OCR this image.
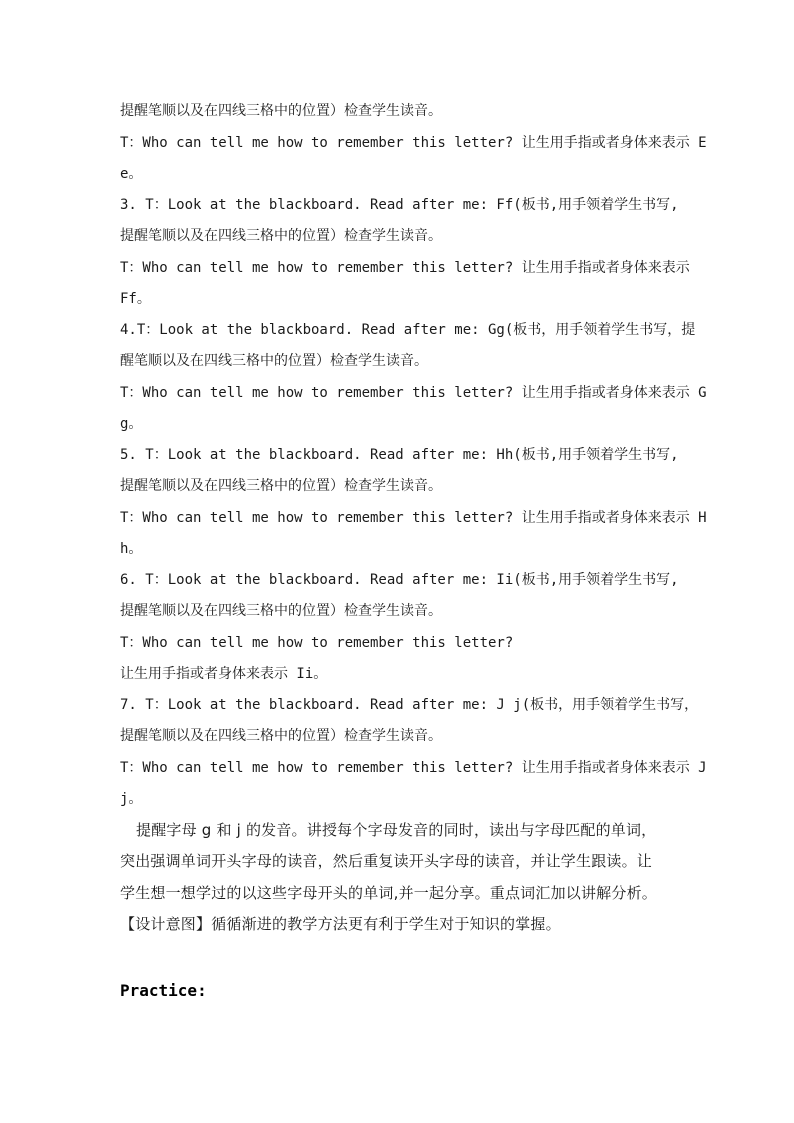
提醒笔顺以及在四线三格中的位置）检查学生读音。
T：Who can tell me how to remember this letter? 让生用手指或者身体来表示 E
e。
3. T：Look at the blackboard. Read after me: Ff(板书,用手领着学生书写,
提醒笔顺以及在四线三格中的位置）检查学生读音。
T：Who can tell me how to remember this letter? 让生用手指或者身体来表示
Ff。
4.T：Look at the blackboard. Read after me: Gg(板书，用手领着学生书写，提
醒笔顺以及在四线三格中的位置）检查学生读音。
T：Who can tell me how to remember this letter? 让生用手指或者身体来表示 G
g。
5. T：Look at the blackboard. Read after me: Hh(板书,用手领着学生书写,
提醒笔顺以及在四线三格中的位置）检查学生读音。
T：Who can tell me how to remember this letter? 让生用手指或者身体来表示 H
h。
6. T：Look at the blackboard. Read after me: Ii(板书,用手领着学生书写,
提醒笔顺以及在四线三格中的位置）检查学生读音。
T：Who can tell me how to remember this letter?
让生用手指或者身体来表示 Ii。
7. T：Look at the blackboard. Read after me: J j(板书，用手领着学生书写，
提醒笔顺以及在四线三格中的位置）检查学生读音。
T：Who can tell me how to remember this letter? 让生用手指或者身体来表示 J
j。
提醒字母 g 和 j 的发音。讲授每个字母发音的同时，读出与字母匹配的单词，
突出强调单词开头字母的读音，然后重复读开头字母的读音，并让学生跟读。让
学生想一想学过的以这些字母开头的单词,并一起分享。重点词汇加以讲解分析。
【设计意图】循循渐进的教学方法更有利于学生对于知识的掌握。
Practice:
